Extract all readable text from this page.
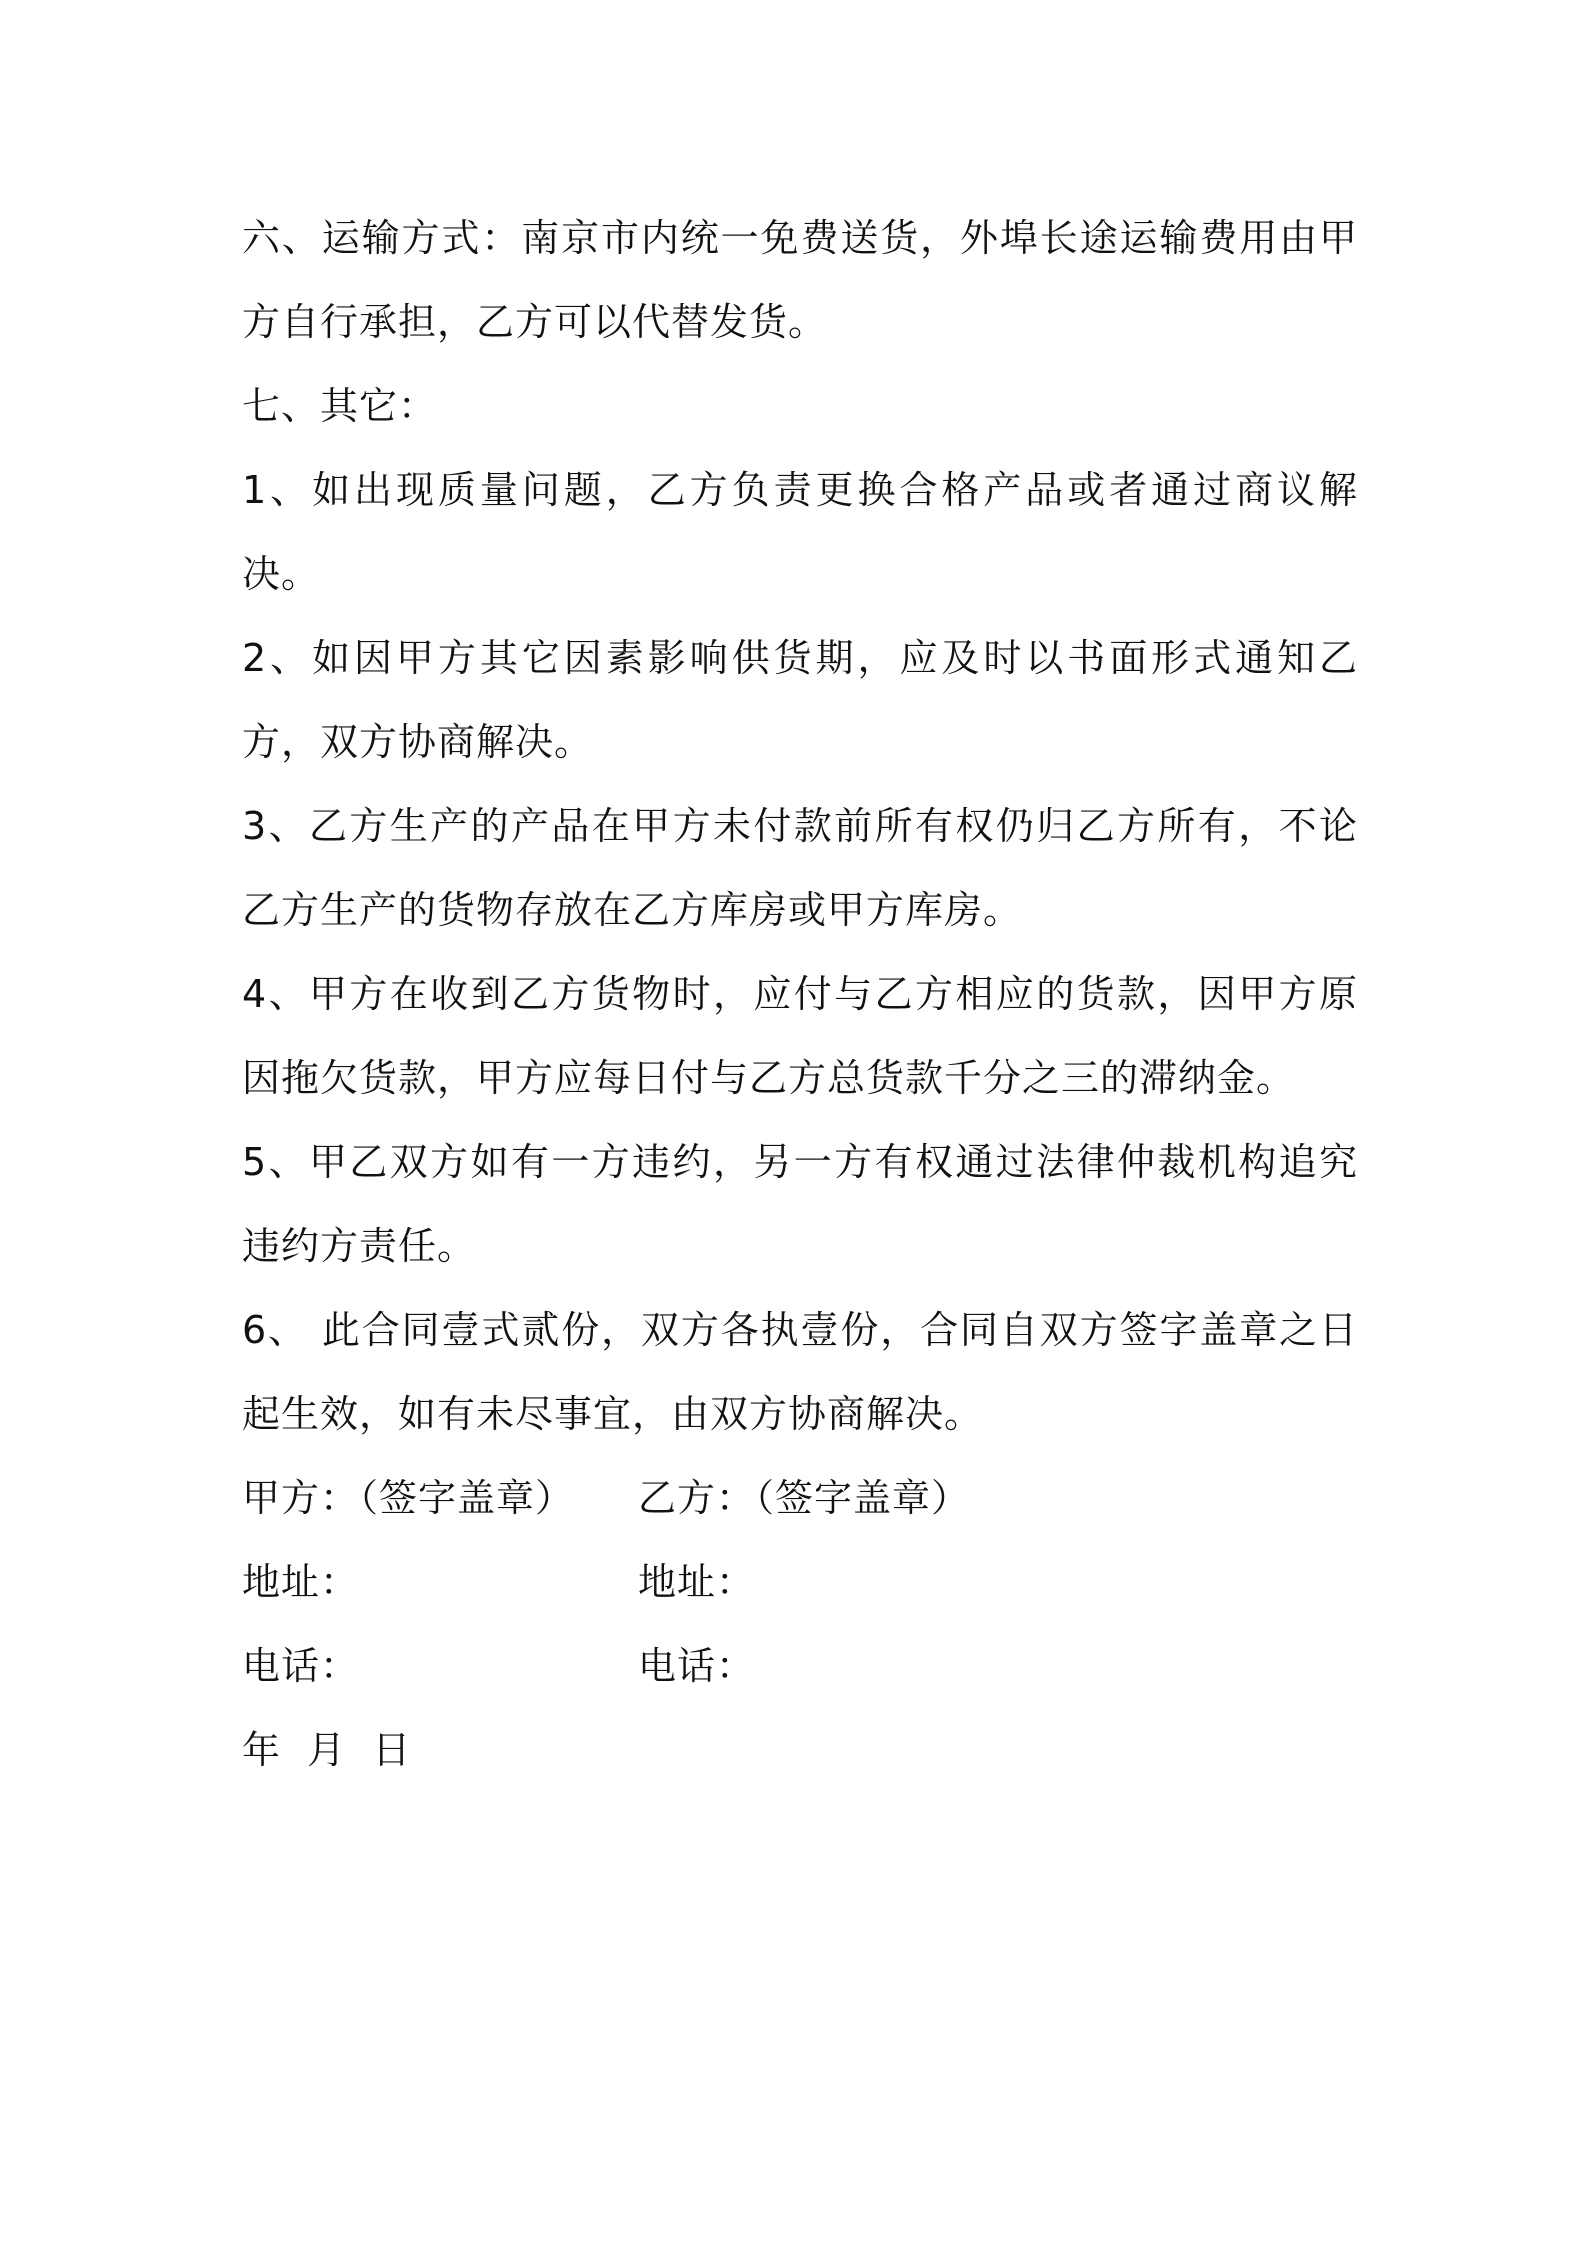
六、运输方式：南京市内统一免费送货，外埠长途运输费用由甲方自行承担，乙方可以代替发货。

七、其它：

1、如出现质量问题，乙方负责更换合格产品或者通过商议解决。

2、如因甲方其它因素影响供货期，应及时以书面形式通知乙方，双方协商解决。

3、乙方生产的产品在甲方未付款前所有权仍归乙方所有，不论乙方生产的货物存放在乙方库房或甲方库房。

4、甲方在收到乙方货物时，应付与乙方相应的货款，因甲方原因拖欠货款，甲方应每日付与乙方总货款千分之三的滞纳金。

5、甲乙双方如有一方违约，另一方有权通过法律仲裁机构追究违约方责任。

6、 此合同壹式贰份，双方各执壹份，合同自双方签字盖章之日起生效，如有未尽事宜，由双方协商解决。

甲方：（签字盖章） 乙方：（签字盖章）
地址：	地址：
电话：	电话：
年  月  日
